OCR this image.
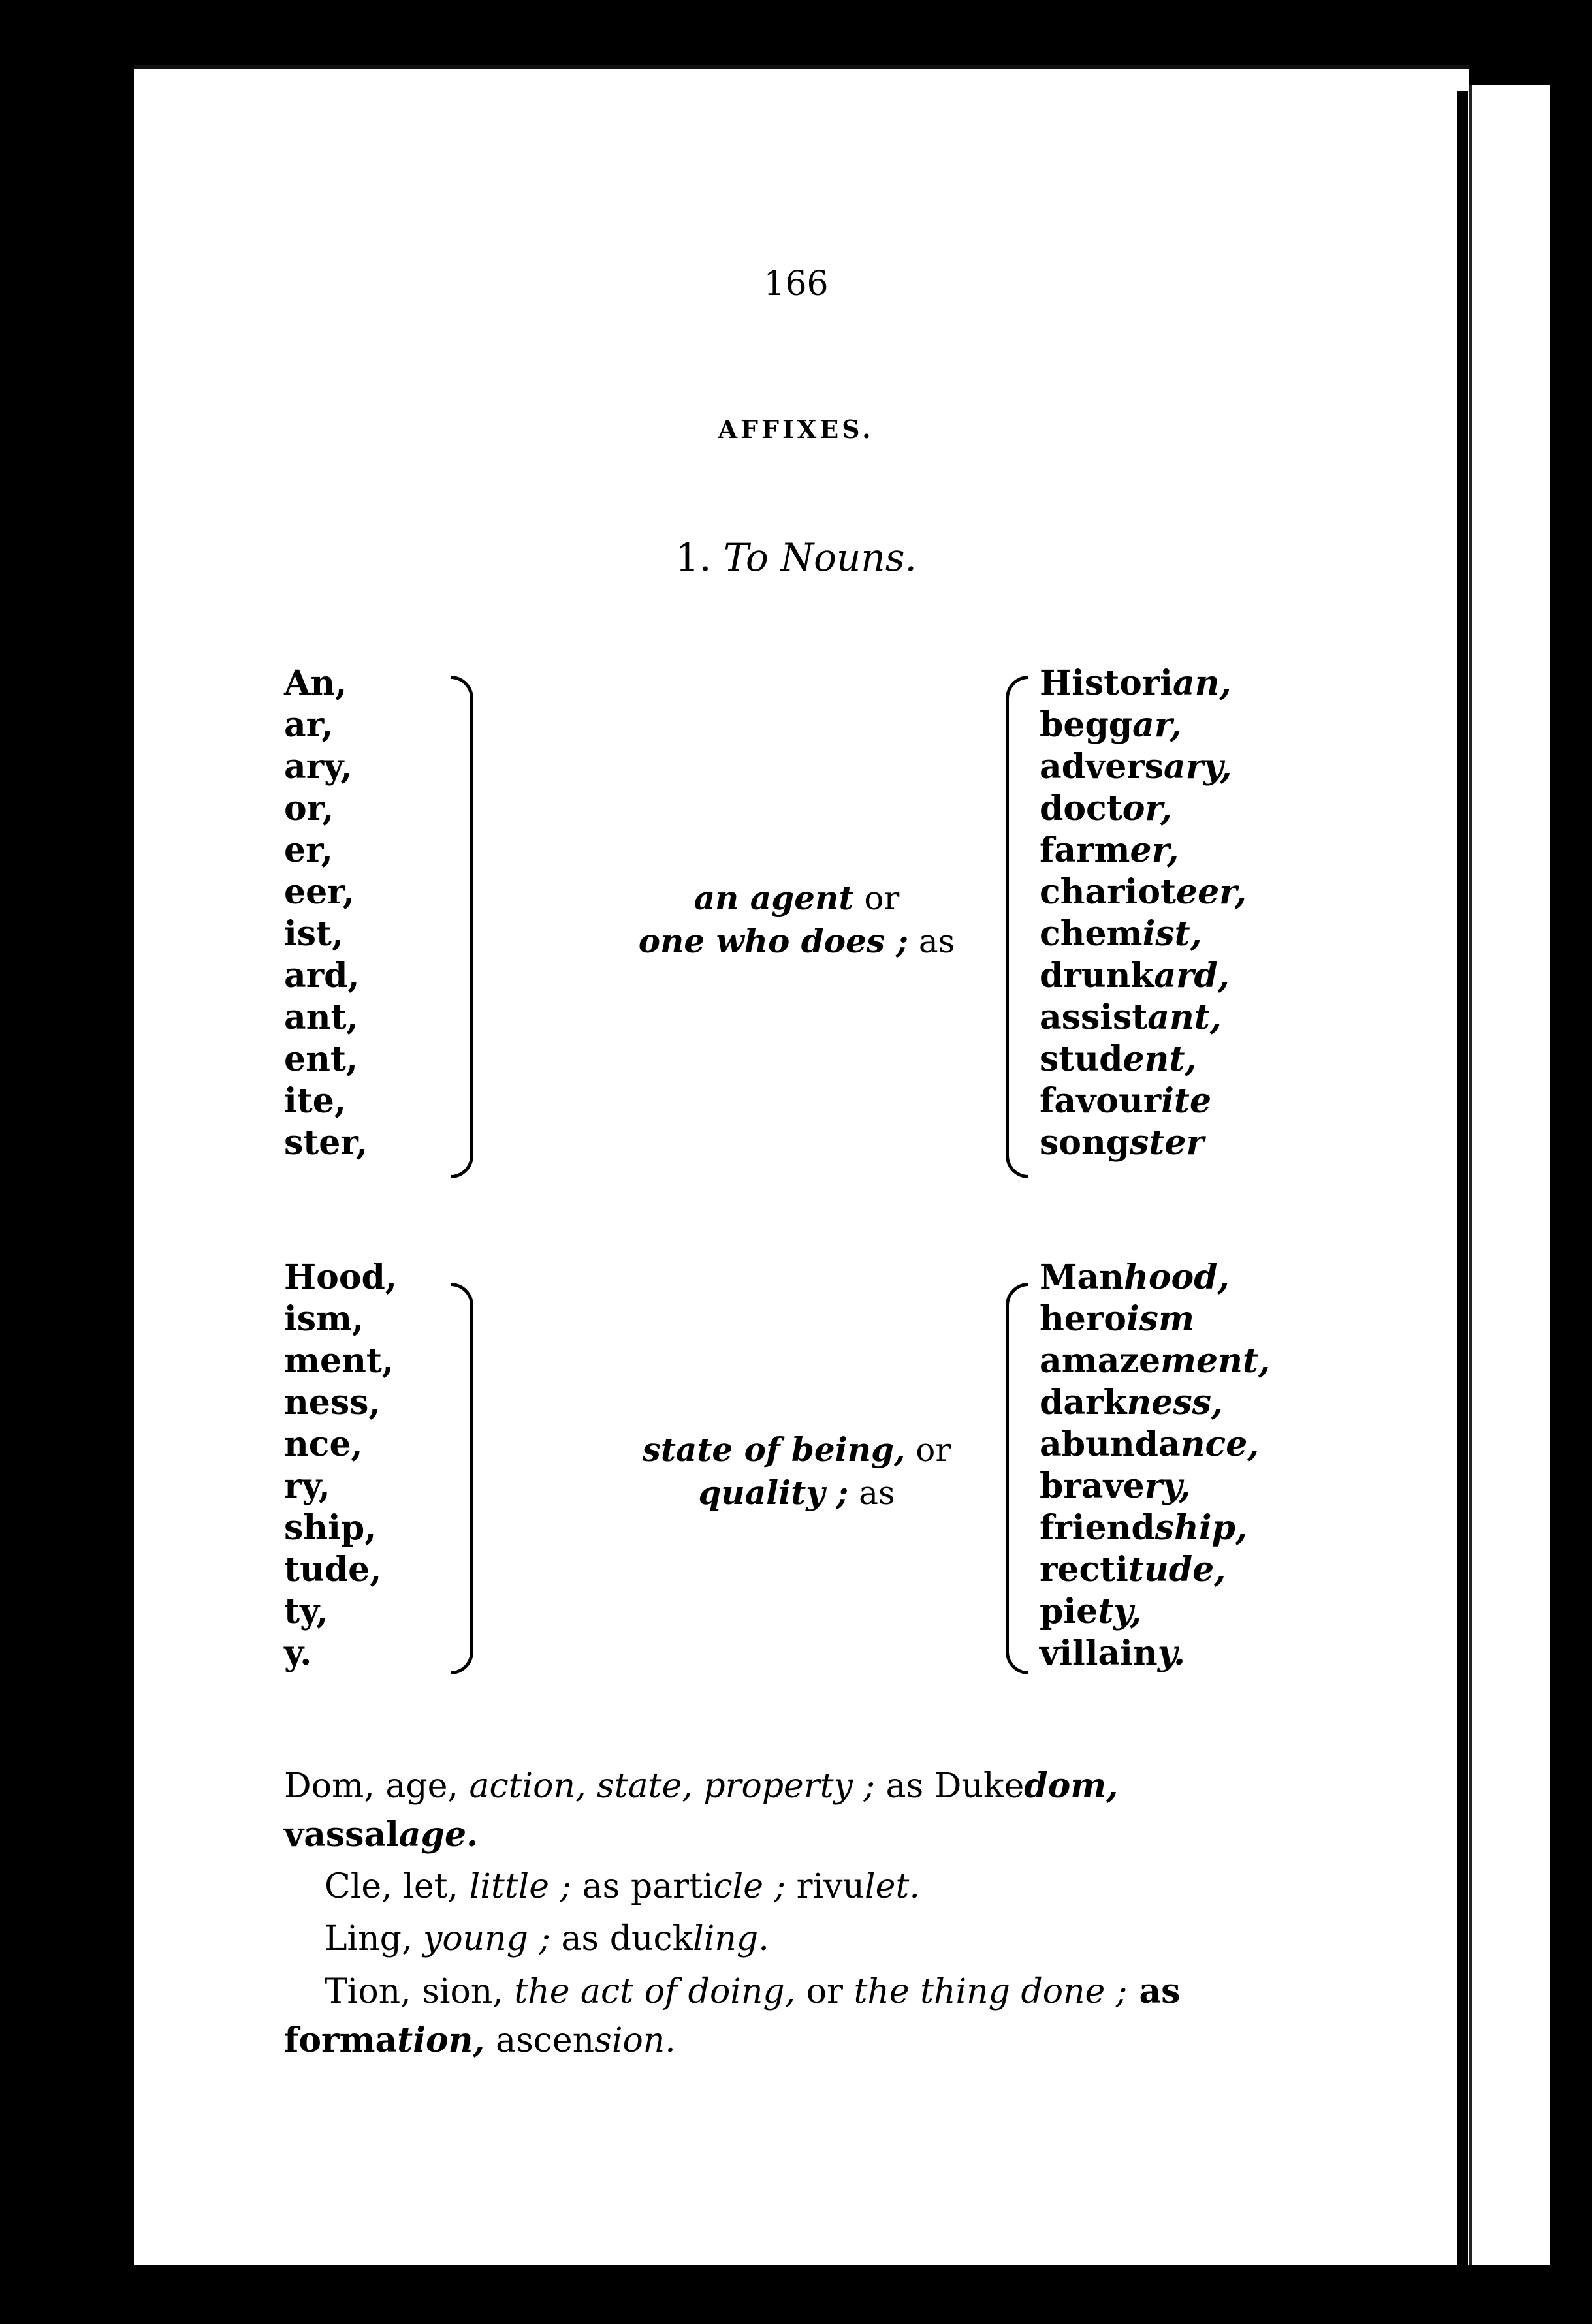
166
AFFIXES.
1. To Nouns.
An,
ar,
ary,
or,
er,
eer,
ist,
ard,
ant,
ent,
ite,
ster,
an agent or
one who does ; as
Historian,
beggar,
adversary,
doctor,
farmer,
charioteer,
chemist,
drunkard,
assistant,
student,
favourite
songster
Hood,
ism,
ment,
ness,
nce,
ry,
ship,
tude,
ty,
y.
state of being, or
quality ; as
Manhood,
heroism
amazement,
darkness,
abundance,
bravery,
friendship,
rectitude,
piety,
villainy.
Dom, age, action, state, property ; as Dukedom,
vassalage.
Cle, let, little ; as particle ; rivulet.
Ling, young ; as duckling.
Tion, sion, the act of doing, or the thing done ; as
formation, ascension.
